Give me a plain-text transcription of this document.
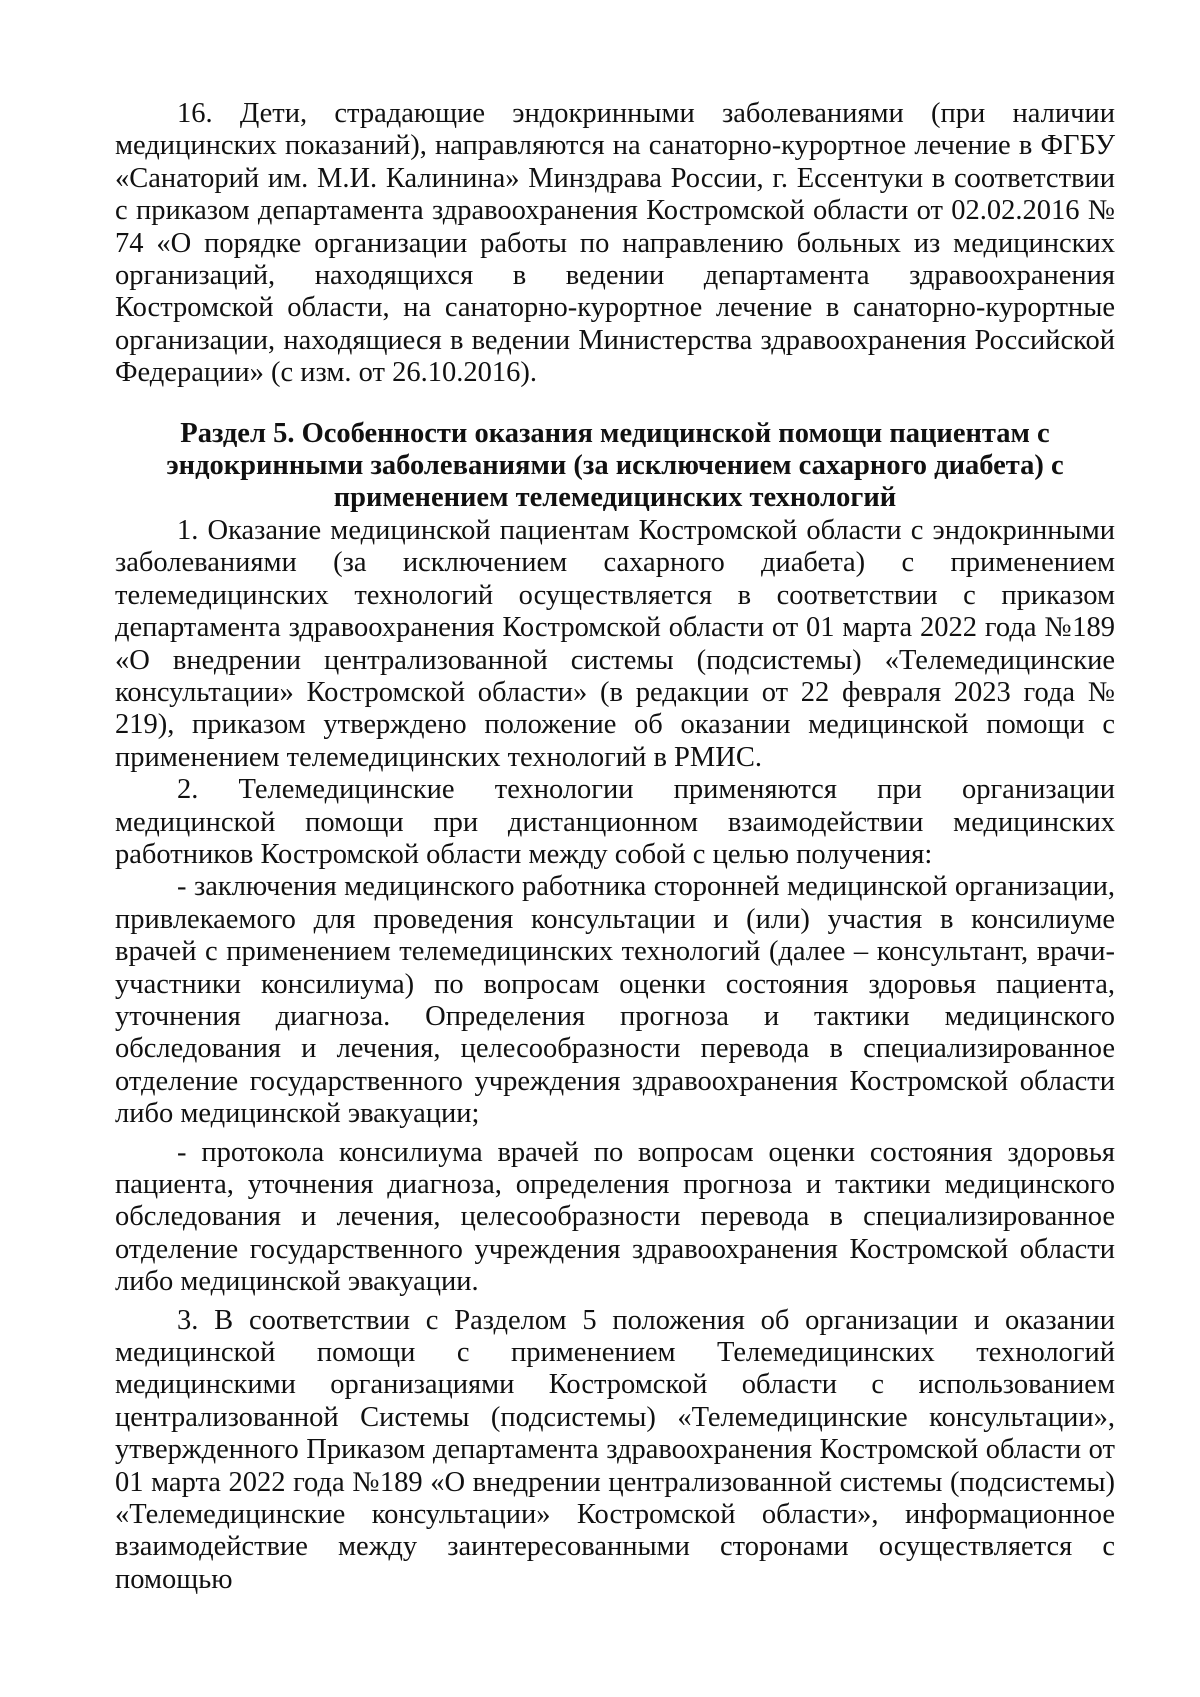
16. Дети, страдающие эндокринными заболеваниями (при наличии медицинских показаний), направляются на санаторно-курортное лечение в ФГБУ «Санаторий им. М.И. Калинина» Минздрава России, г. Ессентуки в соответствии с приказом департамента здравоохранения Костромской области от 02.02.2016 № 74 «О порядке организации работы по направлению больных из медицинских организаций, находящихся в ведении департамента здравоохранения Костромской области, на санаторно-курортное лечение в санаторно-курортные организации, находящиеся в ведении Министерства здравоохранения Российской Федерации» (с изм. от 26.10.2016).

Раздел 5. Особенности оказания медицинской помощи пациентам с эндокринными заболеваниями (за исключением сахарного диабета) с применением телемедицинских технологий

1. Оказание медицинской пациентам Костромской области с эндокринными заболеваниями (за исключением сахарного диабета) с применением телемедицинских технологий осуществляется в соответствии с приказом департамента здравоохранения Костромской области от 01 марта 2022 года №189 «О внедрении централизованной системы (подсистемы) «Телемедицинские консультации» Костромской области» (в редакции от 22 февраля 2023 года № 219), приказом утверждено положение об оказании медицинской помощи с применением телемедицинских технологий в РМИС.

2. Телемедицинские технологии применяются при организации медицинской помощи при дистанционном взаимодействии медицинских работников Костромской области между собой с целью получения:

- заключения медицинского работника сторонней медицинской организации, привлекаемого для проведения консультации и (или) участия в консилиуме врачей с применением телемедицинских технологий (далее – консультант, врачи-участники консилиума) по вопросам оценки состояния здоровья пациента, уточнения диагноза. Определения прогноза и тактики медицинского обследования и лечения, целесообразности перевода в специализированное отделение государственного учреждения здравоохранения Костромской области либо медицинской эвакуации;

- протокола консилиума врачей по вопросам оценки состояния здоровья пациента, уточнения диагноза, определения прогноза и тактики медицинского обследования и лечения, целесообразности перевода в специализированное отделение государственного учреждения здравоохранения Костромской области либо медицинской эвакуации.

3. В соответствии с Разделом 5 положения об организации и оказании медицинской помощи с применением Телемедицинских технологий медицинскими организациями Костромской области с использованием централизованной Системы (подсистемы) «Телемедицинские консультации», утвержденного Приказом департамента здравоохранения Костромской области от 01 марта 2022 года №189 «О внедрении централизованной системы (подсистемы) «Телемедицинские консультации» Костромской области», информационное взаимодействие между заинтересованными сторонами осуществляется с помощью
